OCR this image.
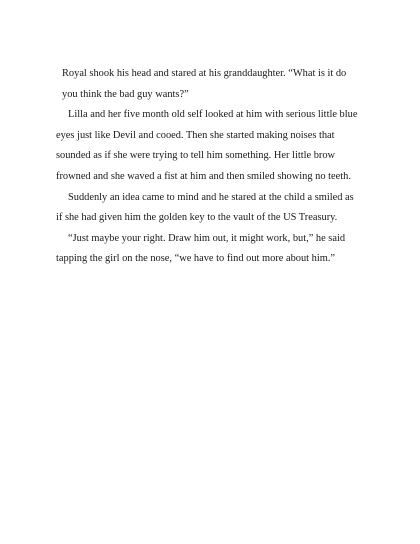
Royal shook his head and stared at his granddaughter. “What is it do
you think the bad guy wants?”
Lilla and her five month old self looked at him with serious little blue
eyes just like Devil and cooed. Then she started making noises that
sounded as if she were trying to tell him something. Her little brow
frowned and she waved a fist at him and then smiled showing no teeth.
Suddenly an idea came to mind and he stared at the child a smiled as
if she had given him the golden key to the vault of the US Treasury.
“Just maybe your right. Draw him out, it might work, but,” he said
tapping the girl on the nose, “we have to find out more about him.”
